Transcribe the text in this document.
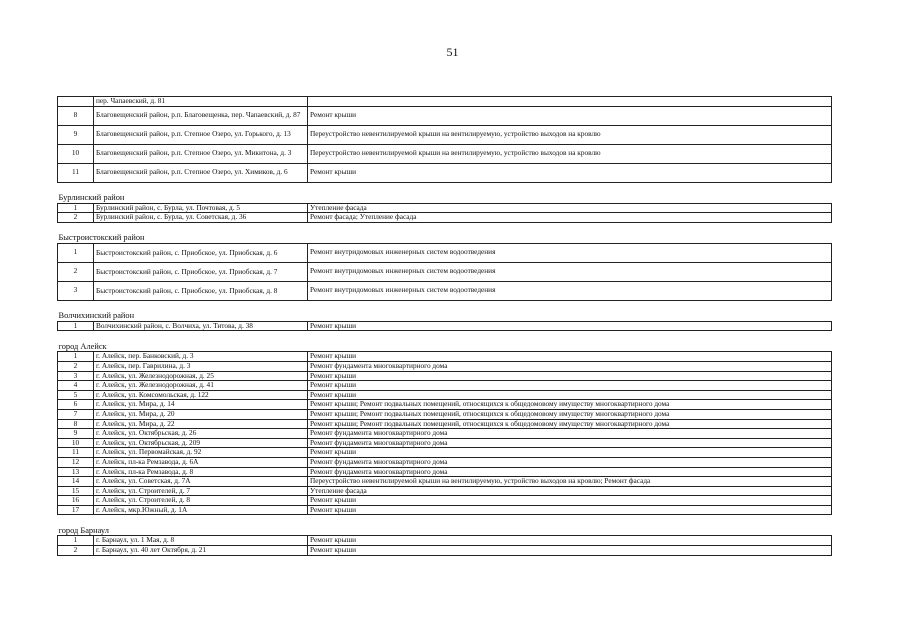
51
	пер. Чапаевский, д. 81	
8	Благовещенский район, р.п. Благовещенка, пер. Чапаевский, д. 87	Ремонт крыши
9	Благовещенский район, р.п. Степное Озеро, ул. Горького, д. 13	Переустройство невентилируемой крыши на вентилируемую, устройство выходов на кровлю
10	Благовещенский район, р.п. Степное Озеро, ул. Микитона, д. 3	Переустройство невентилируемой крыши на вентилируемую, устройство выходов на кровлю
11	Благовещенский район, р.п. Степное Озеро, ул. Химиков, д. 6	Ремонт крыши

Бурлинский район		
1	Бурлинский район, с. Бурла, ул. Почтовая, д. 5	Утепление фасада
2	Бурлинский район, с. Бурла, ул. Советская, д. 36	Ремонт фасада; Утепление фасада

Быстроистокский район		
1	Быстроистокский район, с. Приобское, ул. Приобская, д. 6	Ремонт внутридомовых инженерных систем водоотведения
2	Быстроистокский район, с. Приобское, ул. Приобская, д. 7	Ремонт внутридомовых инженерных систем водоотведения
3	Быстроистокский район, с. Приобское, ул. Приобская, д. 8	Ремонт внутридомовых инженерных систем водоотведения

Волчихинский район		
1	Волчихинский район, с. Волчиха, ул. Титова, д. 38	Ремонт крыши

город Алейск		
1	г. Алейск, пер. Банковский, д. 3	Ремонт крыши
2	г. Алейск, пер. Гаврилина, д. 3	Ремонт фундамента многоквартирного дома
3	г. Алейск, ул. Железнодорожная, д. 25	Ремонт крыши
4	г. Алейск, ул. Железнодорожная, д. 41	Ремонт крыши
5	г. Алейск, ул. Комсомольская, д. 122	Ремонт крыши
6	г. Алейск, ул. Мира, д. 14	Ремонт крыши; Ремонт подвальных помещений, относящихся к общедомовому имуществу многоквартирного дома
7	г. Алейск, ул. Мира, д. 20	Ремонт крыши; Ремонт подвальных помещений, относящихся к общедомовому имуществу многоквартирного дома
8	г. Алейск, ул. Мира, д. 22	Ремонт крыши; Ремонт подвальных помещений, относящихся к общедомовому имуществу многоквартирного дома
9	г. Алейск, ул. Октябрьская, д. 26	Ремонт фундамента многоквартирного дома
10	г. Алейск, ул. Октябрьская, д. 209	Ремонт фундамента многоквартирного дома
11	г. Алейск, ул. Первомайская, д. 92	Ремонт крыши
12	г. Алейск, пл-ка Ремзавода, д. 6А	Ремонт фундамента многоквартирного дома
13	г. Алейск, пл-ка Ремзавода, д. 8	Ремонт фундамента многоквартирного дома
14	г. Алейск, ул. Советская, д. 7А	Переустройство невентилируемой крыши на вентилируемую, устройство выходов на кровлю; Ремонт фасада
15	г. Алейск, ул. Строителей, д. 7	Утепление фасада
16	г. Алейск, ул. Строителей, д. 8	Ремонт крыши
17	г. Алейск, мкр.Южный, д. 1А	Ремонт крыши

город Барнаул		
1	г. Барнаул, ул. 1 Мая, д. 8	Ремонт крыши
2	г. Барнаул, ул. 40 лет Октября, д. 21	Ремонт крыши
